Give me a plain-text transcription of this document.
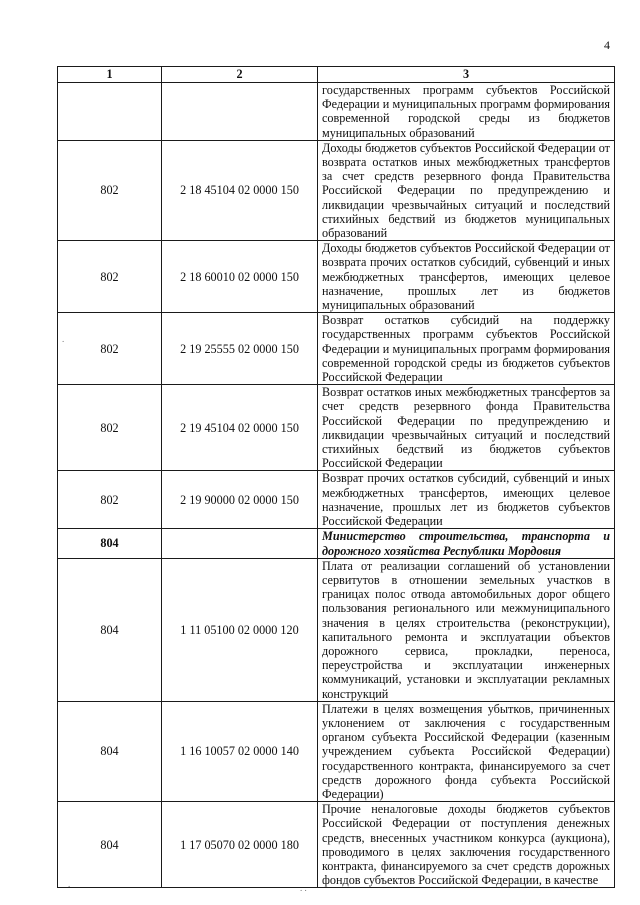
4
1	2	3
		государственных программ субъектов Российской Федерации и муниципальных программ формирования современной городской среды из бюджетов муниципальных образований
802	2 18 45104 02 0000 150	Доходы бюджетов субъектов Российской Федерации от возврата остатков иных межбюджетных трансфертов за счет средств резервного фонда Правительства Российской Федерации по предупреждению и ликвидации чрезвычайных ситуаций и последствий стихийных бедствий из бюджетов муниципальных образований
802	2 18 60010 02 0000 150	Доходы бюджетов субъектов Российской Федерации от возврата прочих остатков субсидий, субвенций и иных межбюджетных трансфертов, имеющих целевое назначение, прошлых лет из бюджетов муниципальных образований
802	2 19 25555 02 0000 150	Возврат остатков субсидий на поддержку государственных программ субъектов Российской Федерации и муниципальных программ формирования современной городской среды из бюджетов субъектов Российской Федерации
802	2 19 45104 02 0000 150	Возврат остатков иных межбюджетных трансфертов за счет средств резервного фонда Правительства Российской Федерации по предупреждению и ликвидации чрезвычайных ситуаций и последствий стихийных бедствий из бюджетов субъектов Российской Федерации
802	2 19 90000 02 0000 150	Возврат прочих остатков субсидий, субвенций и иных межбюджетных трансфертов, имеющих целевое назначение, прошлых лет из бюджетов субъектов Российской Федерации
804		Министерство строительства, транспорта и дорожного хозяйства Республики Мордовия
804	1 11 05100 02 0000 120	Плата от реализации соглашений об установлении сервитутов в отношении земельных участков в границах полос отвода автомобильных дорог общего пользования регионального или межмуниципального значения в целях строительства (реконструкции), капитального ремонта и эксплуатации объектов дорожного сервиса, прокладки, переноса, переустройства и эксплуатации инженерных коммуникаций, установки и эксплуатации рекламных конструкций
804	1 16 10057 02 0000 140	Платежи в целях возмещения убытков, причиненных уклонением от заключения с государственным органом субъекта Российской Федерации (казенным учреждением субъекта Российской Федерации) государственного контракта, финансируемого за счет средств дорожного фонда субъекта Российской Федерации)
804	1 17 05070 02 0000 180	Прочие неналоговые доходы бюджетов субъектов Российской Федерации от поступления денежных средств, внесенных участником конкурса (аукциона), проводимого в целях заключения государственного контракта, финансируемого за счет средств дорожных фондов субъектов Российской Федерации, в качестве
.
.	. .
